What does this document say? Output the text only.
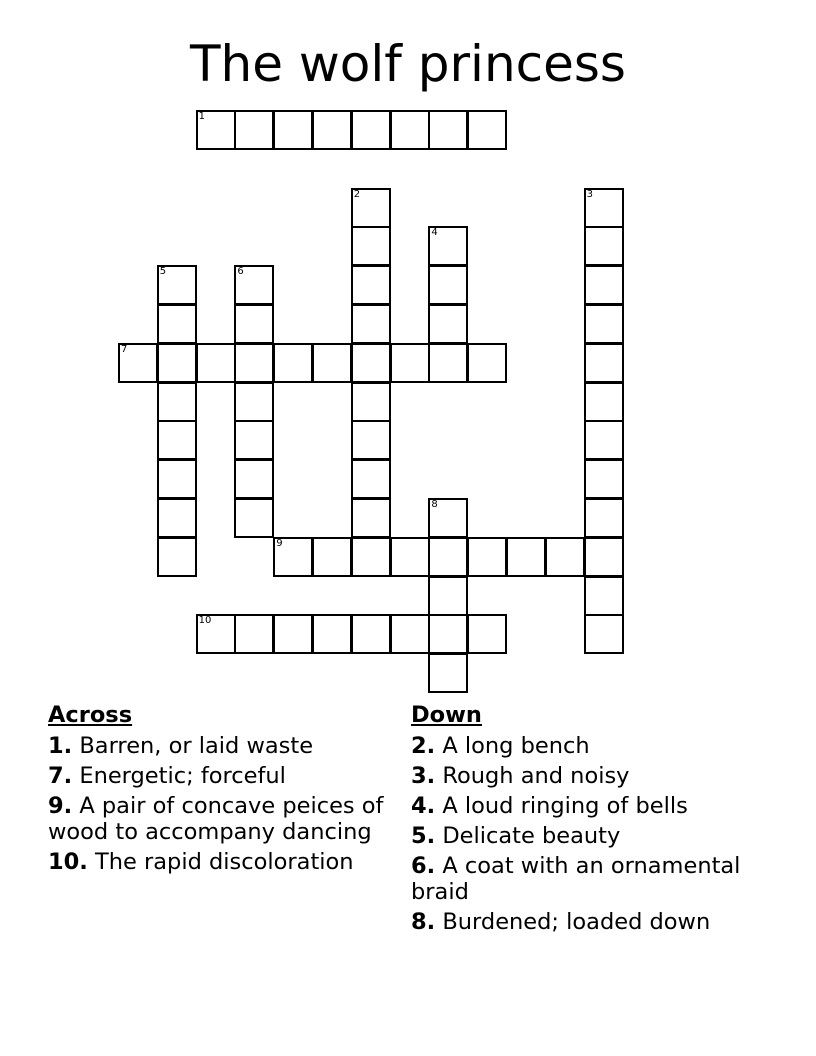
The wolf princess
1
2	3
4
5	6
7
8
9
10
Across
1. Barren, or laid waste
7. Energetic; forceful
9. A pair of concave peices of wood to accompany dancing
10. The rapid discoloration
Down
2. A long bench
3. Rough and noisy
4. A loud ringing of bells
5. Delicate beauty
6. A coat with an ornamental braid
8. Burdened; loaded down
